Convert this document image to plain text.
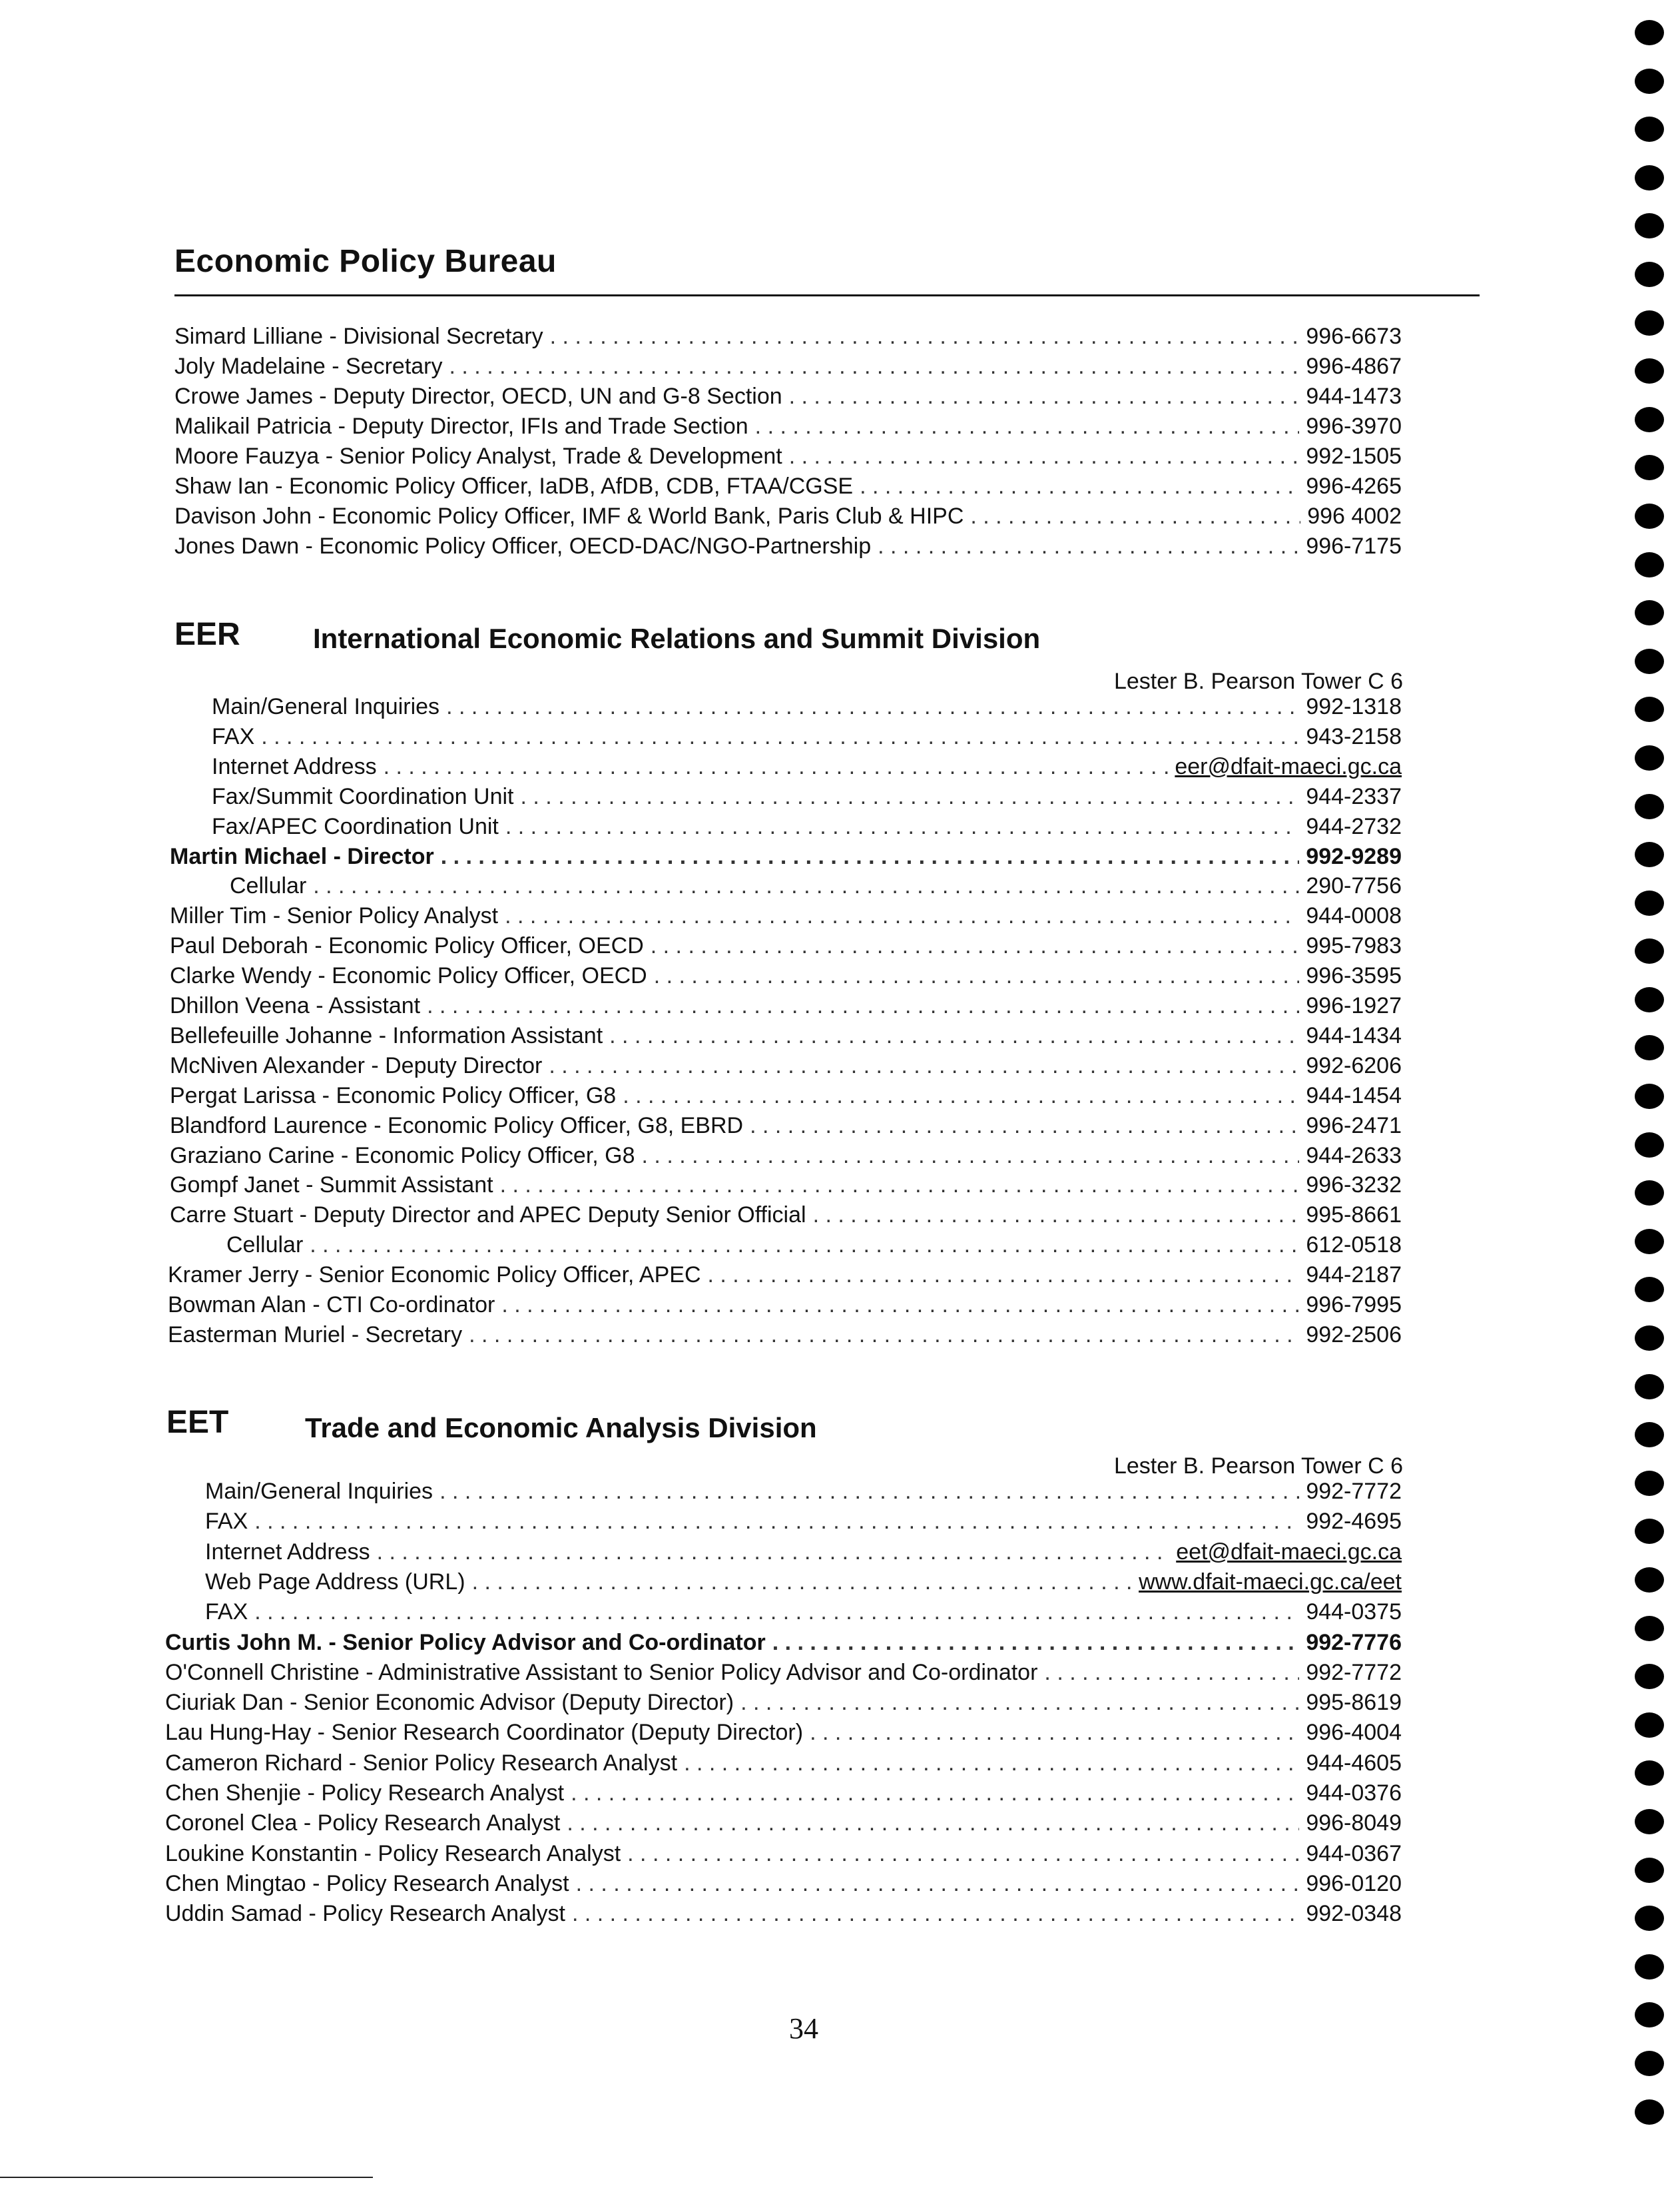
Economic Policy Bureau
Simard Lilliane - Divisional Secretary . . .	996-6673
Joly Madelaine - Secretary . . .	996-4867
Crowe James - Deputy Director, OECD, UN and G-8 Section . . .	944-1473
Malikail Patricia - Deputy Director, IFIs and Trade Section . . .	996-3970
Moore Fauzya - Senior Policy Analyst, Trade & Development . . .	992-1505
Shaw Ian - Economic Policy Officer, IaDB, AfDB, CDB, FTAA/CGSE . . .	996-4265
Davison John - Economic Policy Officer, IMF & World Bank, Paris Club & HIPC . . .	996 4002
Jones Dawn - Economic Policy Officer, OECD-DAC/NGO-Partnership . . .	996-7175
EER	International Economic Relations and Summit Division
Lester B. Pearson Tower C 6
Main/General Inquiries . . .	992-1318
FAX . . .	943-2158
Internet Address . . .	eer@dfait-maeci.gc.ca
Fax/Summit Coordination Unit . . .	944-2337
Fax/APEC Coordination Unit . . .	944-2732
Martin Michael - Director . . .	992-9289
Cellular . . .	290-7756
Miller Tim - Senior Policy Analyst . . .	944-0008
Paul Deborah - Economic Policy Officer, OECD . . .	995-7983
Clarke Wendy - Economic Policy Officer, OECD . . .	996-3595
Dhillon Veena - Assistant . . .	996-1927
Bellefeuille Johanne - Information Assistant . . .	944-1434
McNiven Alexander - Deputy Director . . .	992-6206
Pergat Larissa - Economic Policy Officer, G8 . . .	944-1454
Blandford Laurence - Economic Policy Officer, G8, EBRD . . .	996-2471
Graziano Carine - Economic Policy Officer, G8 . . .	944-2633
Gompf Janet - Summit Assistant . . .	996-3232
Carre Stuart - Deputy Director and APEC Deputy Senior Official . . .	995-8661
Cellular . . .	612-0518
Kramer Jerry - Senior Economic Policy Officer, APEC . . .	944-2187
Bowman Alan - CTI Co-ordinator . . .	996-7995
Easterman Muriel - Secretary . . .	992-2506
EET	Trade and Economic Analysis Division
Lester B. Pearson Tower C 6
Main/General Inquiries . . .	992-7772
FAX . . .	992-4695
Internet Address . . .	eet@dfait-maeci.gc.ca
Web Page Address (URL) . . .	www.dfait-maeci.gc.ca/eet
FAX . . .	944-0375
Curtis John M. - Senior Policy Advisor and Co-ordinator . . .	992-7776
O'Connell Christine - Administrative Assistant to Senior Policy Advisor and Co-ordinator . . .	992-7772
Ciuriak Dan - Senior Economic Advisor (Deputy Director) . . .	995-8619
Lau Hung-Hay - Senior Research Coordinator (Deputy Director) . . .	996-4004
Cameron Richard - Senior Policy Research Analyst . . .	944-4605
Chen Shenjie - Policy Research Analyst . . .	944-0376
Coronel Clea - Policy Research Analyst . . .	996-8049
Loukine Konstantin - Policy Research Analyst . . .	944-0367
Chen Mingtao - Policy Research Analyst . . .	996-0120
Uddin Samad - Policy Research Analyst . . .	992-0348
34
